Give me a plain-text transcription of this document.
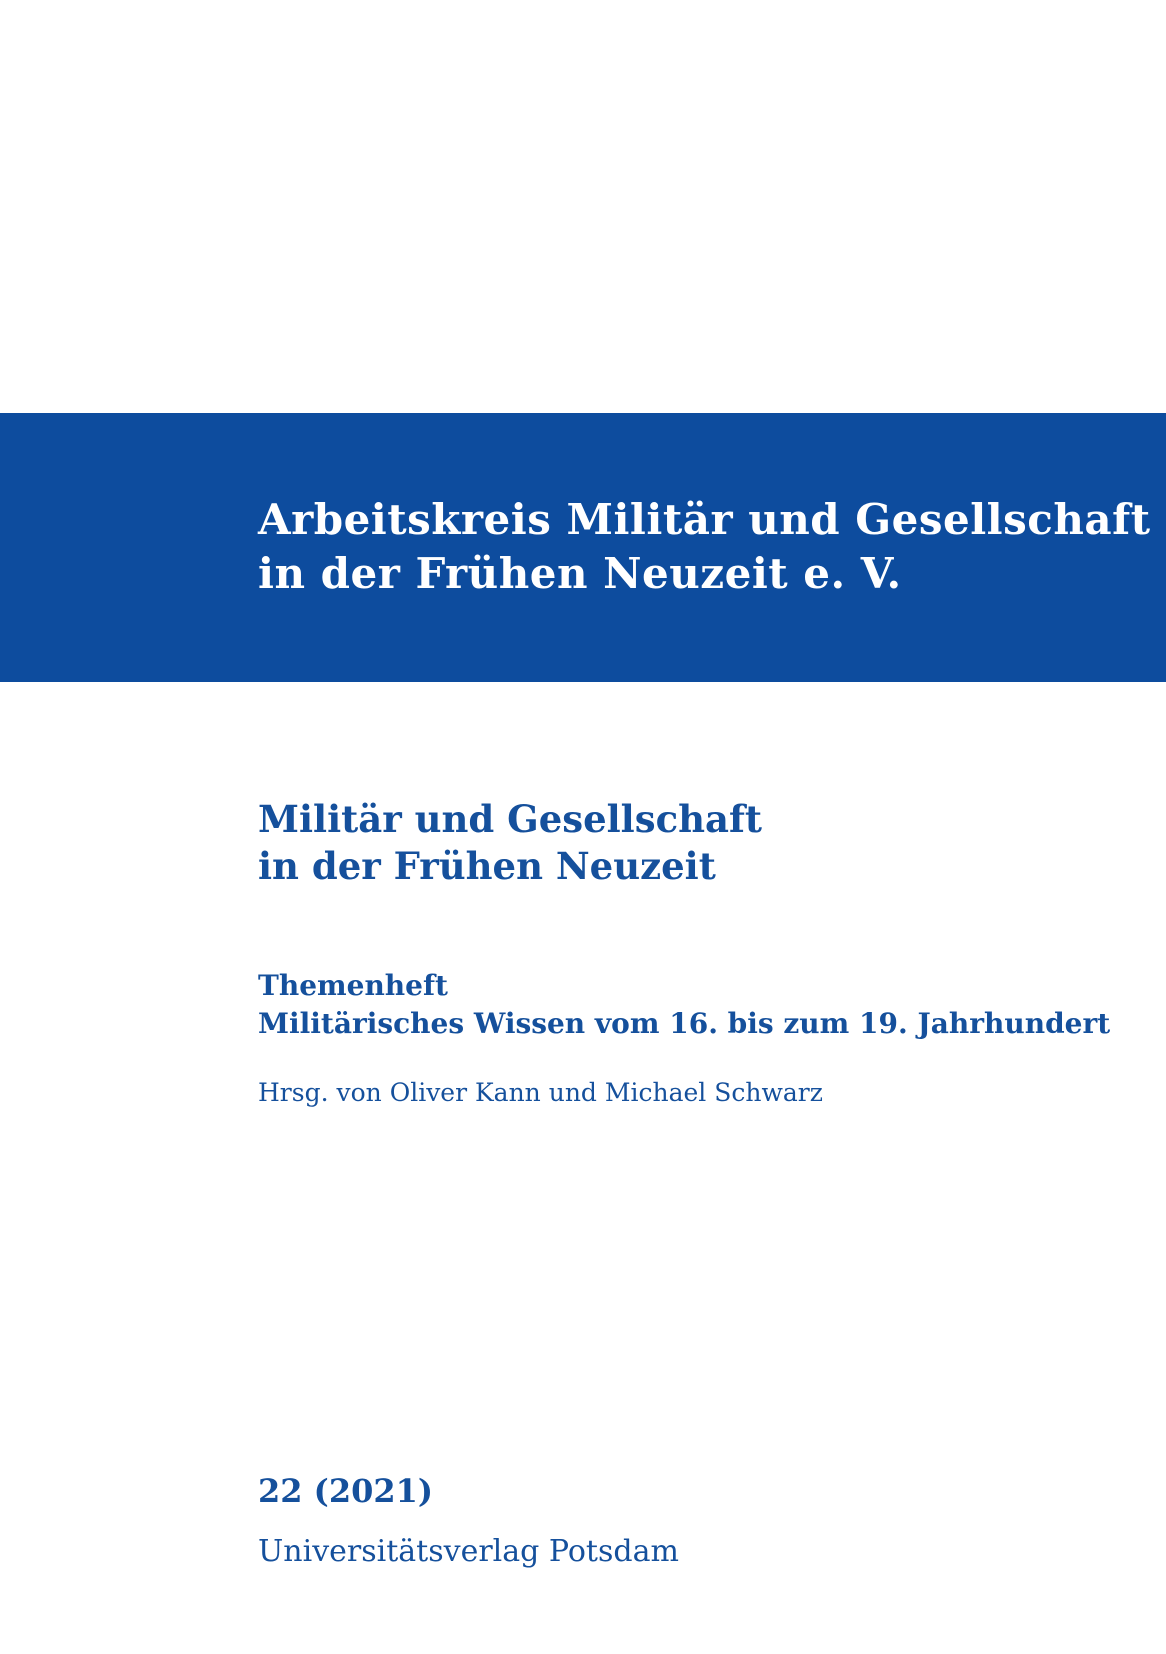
Arbeitskreis Militär und Gesellschaft
in der Frühen Neuzeit e. V.
Militär und Gesellschaft
in der Frühen Neuzeit
Themenheft
Militärisches Wissen vom 16. bis zum 19. Jahrhundert
Hrsg. von Oliver Kann und Michael Schwarz
22 (2021)
Universitätsverlag Potsdam
